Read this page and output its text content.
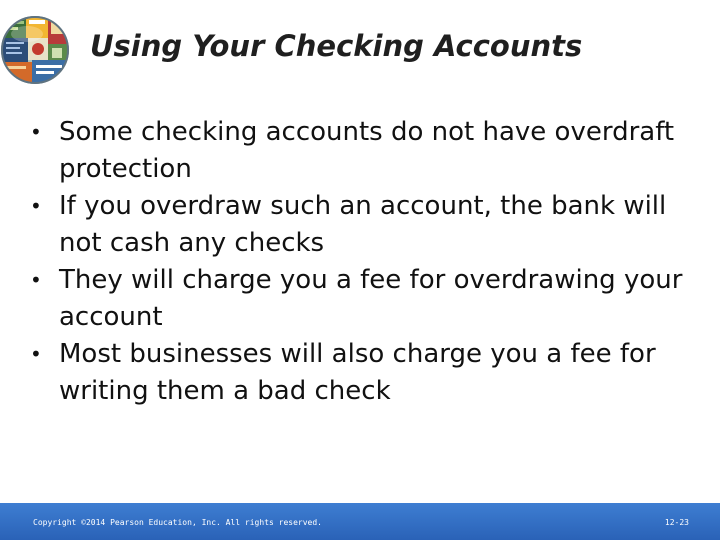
Using Your Checking Accounts
• Some checking accounts do not have overdraft protection
• If you overdraw such an account, the bank will not cash any checks
• They will charge you a fee for overdrawing your account
• Most businesses will also charge you a fee for writing them a bad check
Copyright ©2014 Pearson Education, Inc. All rights reserved.	12-23
